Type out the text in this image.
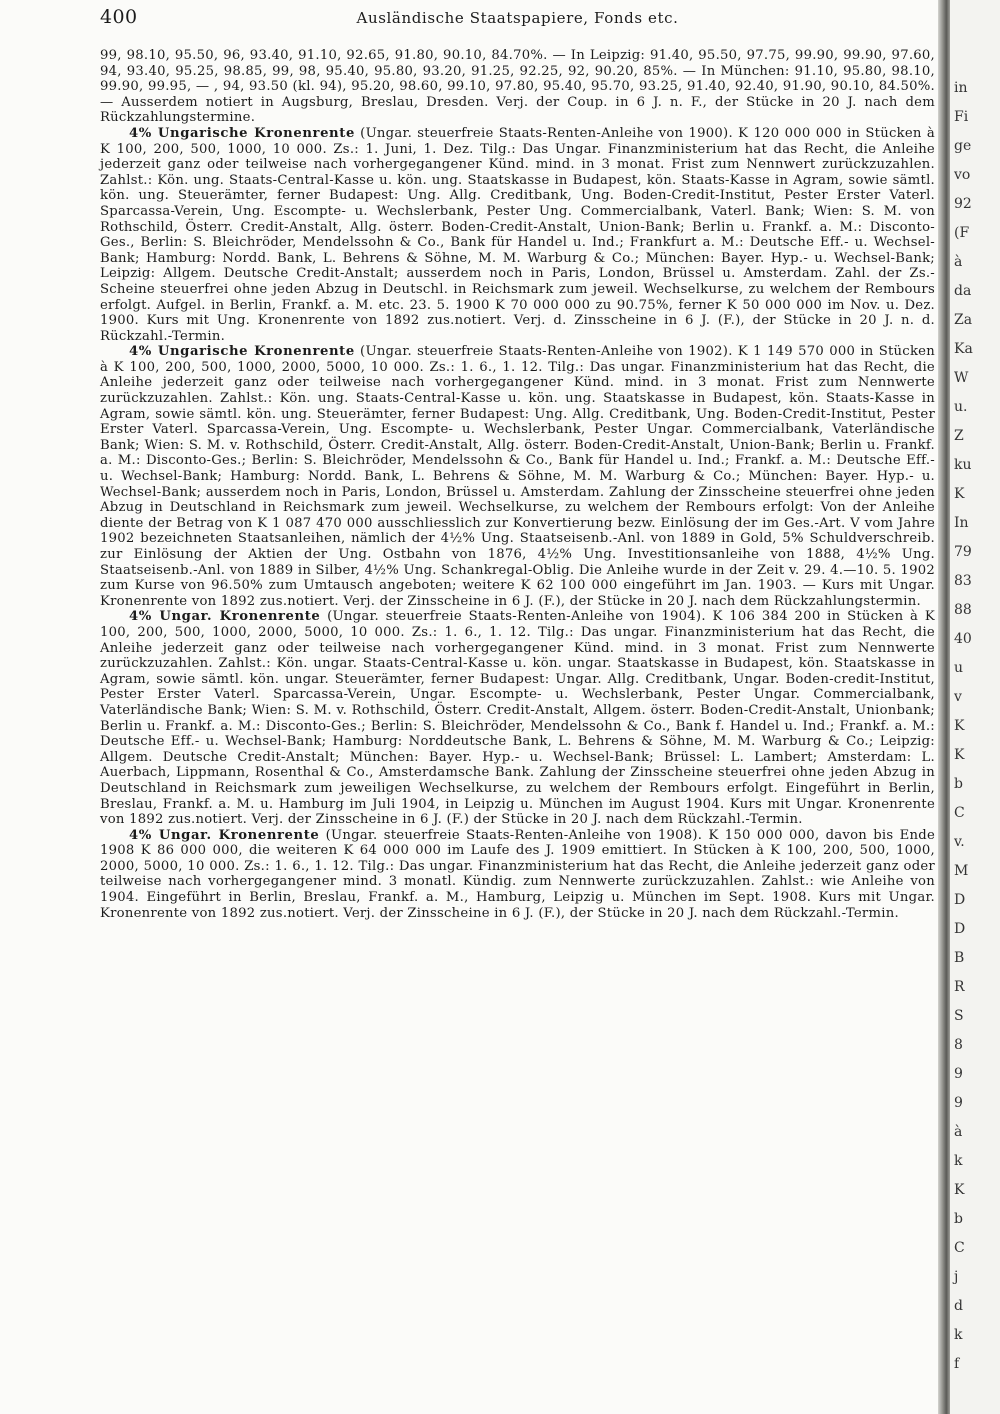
400	Ausländische Staatspapiere, Fonds etc.

99, 98.10, 95.50, 96, 93.40, 91.10, 92.65, 91.80, 90.10, 84.70%. — In Leipzig: 91.40, 95.50, 97.75, 99.90, 99.90, 97.60, 94, 93.40, 95.25, 98.85, 99, 98, 95.40, 95.80, 93.20, 91.25, 92.25, 92, 90.20, 85%. — In München: 91.10, 95.80, 98.10, 99.90, 99.95, — , 94, 93.50 (kl. 94), 95.20, 98.60, 99.10, 97.80, 95.40, 95.70, 93.25, 91.40, 92.40, 91.90, 90.10, 84.50%. — Ausserdem notiert in Augsburg, Breslau, Dresden. Verj. der Coup. in 6 J. n. F., der Stücke in 20 J. nach dem Rückzahlungstermine.

4% Ungarische Kronenrente (Ungar. steuerfreie Staats-Renten-Anleihe von 1900). K 120 000 000 in Stücken à K 100, 200, 500, 1000, 10 000. Zs.: 1. Juni, 1. Dez. Tilg.: Das Ungar. Finanzministerium hat das Recht, die Anleihe jederzeit ganz oder teilweise nach vorhergegangener Künd. mind. in 3 monat. Frist zum Nennwert zurückzuzahlen. Zahlst.: Kön. ung. Staats-Central-Kasse u. kön. ung. Staatskasse in Budapest, kön. Staats-Kasse in Agram, sowie sämtl. kön. ung. Steuerämter, ferner Budapest: Ung. Allg. Creditbank, Ung. Boden-Credit-Institut, Pester Erster Vaterl. Sparcassa-Verein, Ung. Escompte- u. Wechslerbank, Pester Ung. Commercialbank, Vaterl. Bank; Wien: S. M. von Rothschild, Österr. Credit-Anstalt, Allg. österr. Boden-Credit-Anstalt, Union-Bank; Berlin u. Frankf. a. M.: Disconto-Ges., Berlin: S. Bleichröder, Mendelssohn & Co., Bank für Handel u. Ind.; Frankfurt a. M.: Deutsche Eff.- u. Wechsel-Bank; Hamburg: Nordd. Bank, L. Behrens & Söhne, M. M. Warburg & Co.; München: Bayer. Hyp.- u. Wechsel-Bank; Leipzig: Allgem. Deutsche Credit-Anstalt; ausserdem noch in Paris, London, Brüssel u. Amsterdam. Zahl. der Zs.-Scheine steuerfrei ohne jeden Abzug in Deutschl. in Reichsmark zum jeweil. Wechselkurse, zu welchem der Rembours erfolgt. Aufgel. in Berlin, Frankf. a. M. etc. 23. 5. 1900 K 70 000 000 zu 90.75%, ferner K 50 000 000 im Nov. u. Dez. 1900. Kurs mit Ung. Kronenrente von 1892 zus.notiert. Verj. d. Zinsscheine in 6 J. (F.), der Stücke in 20 J. n. d. Rückzahl.-Termin.

4% Ungarische Kronenrente (Ungar. steuerfreie Staats-Renten-Anleihe von 1902). K 1 149 570 000 in Stücken à K 100, 200, 500, 1000, 2000, 5000, 10 000. Zs.: 1. 6., 1. 12. Tilg.: Das ungar. Finanzministerium hat das Recht, die Anleihe jederzeit ganz oder teilweise nach vorhergegangener Künd. mind. in 3 monat. Frist zum Nennwerte zurückzuzahlen. Zahlst.: Kön. ung. Staats-Central-Kasse u. kön. ung. Staatskasse in Budapest, kön. Staats-Kasse in Agram, sowie sämtl. kön. ung. Steuerämter, ferner Budapest: Ung. Allg. Creditbank, Ung. Boden-Credit-Institut, Pester Erster Vaterl. Sparcassa-Verein, Ung. Escompte- u. Wechslerbank, Pester Ungar. Commercialbank, Vaterländische Bank; Wien: S. M. v. Rothschild, Österr. Credit-Anstalt, Allg. österr. Boden-Credit-Anstalt, Union-Bank; Berlin u. Frankf. a. M.: Disconto-Ges.; Berlin: S. Bleichröder, Mendelssohn & Co., Bank für Handel u. Ind.; Frankf. a. M.: Deutsche Eff.- u. Wechsel-Bank; Hamburg: Nordd. Bank, L. Behrens & Söhne, M. M. Warburg & Co.; München: Bayer. Hyp.- u. Wechsel-Bank; ausserdem noch in Paris, London, Brüssel u. Amsterdam. Zahlung der Zinsscheine steuerfrei ohne jeden Abzug in Deutschland in Reichsmark zum jeweil. Wechselkurse, zu welchem der Rembours erfolgt: Von der Anleihe diente der Betrag von K 1 087 470 000 ausschliesslich zur Konvertierung bezw. Einlösung der im Ges.-Art. V vom Jahre 1902 bezeichneten Staatsanleihen, nämlich der 4½% Ung. Staatseisenb.-Anl. von 1889 in Gold, 5% Schuldverschreib. zur Einlösung der Aktien der Ung. Ostbahn von 1876, 4½% Ung. Investitionsanleihe von 1888, 4½% Ung. Staatseisenb.-Anl. von 1889 in Silber, 4½% Ung. Schankregal-Oblig. Die Anleihe wurde in der Zeit v. 29. 4.—10. 5. 1902 zum Kurse von 96.50% zum Umtausch angeboten; weitere K 62 100 000 eingeführt im Jan. 1903. — Kurs mit Ungar. Kronenrente von 1892 zus.notiert. Verj. der Zinsscheine in 6 J. (F.), der Stücke in 20 J. nach dem Rückzahlungstermin.

4% Ungar. Kronenrente (Ungar. steuerfreie Staats-Renten-Anleihe von 1904). K 106 384 200 in Stücken à K 100, 200, 500, 1000, 2000, 5000, 10 000. Zs.: 1. 6., 1. 12. Tilg.: Das ungar. Finanzministerium hat das Recht, die Anleihe jederzeit ganz oder teilweise nach vorhergegangener Künd. mind. in 3 monat. Frist zum Nennwerte zurückzuzahlen. Zahlst.: Kön. ungar. Staats-Central-Kasse u. kön. ungar. Staatskasse in Budapest, kön. Staatskasse in Agram, sowie sämtl. kön. ungar. Steuerämter, ferner Budapest: Ungar. Allg. Creditbank, Ungar. Boden-credit-Institut, Pester Erster Vaterl. Sparcassa-Verein, Ungar. Escompte- u. Wechslerbank, Pester Ungar. Commercialbank, Vaterländische Bank; Wien: S. M. v. Rothschild, Österr. Credit-Anstalt, Allgem. österr. Boden-Credit-Anstalt, Unionbank; Berlin u. Frankf. a. M.: Disconto-Ges.; Berlin: S. Bleichröder, Mendelssohn & Co., Bank f. Handel u. Ind.; Frankf. a. M.: Deutsche Eff.- u. Wechsel-Bank; Hamburg: Norddeutsche Bank, L. Behrens & Söhne, M. M. Warburg & Co.; Leipzig: Allgem. Deutsche Credit-Anstalt; München: Bayer. Hyp.- u. Wechsel-Bank; Brüssel: L. Lambert; Amsterdam: L. Auerbach, Lippmann, Rosenthal & Co., Amsterdamsche Bank. Zahlung der Zinsscheine steuerfrei ohne jeden Abzug in Deutschland in Reichsmark zum jeweiligen Wechselkurse, zu welchem der Rembours erfolgt. Eingeführt in Berlin, Breslau, Frankf. a. M. u. Hamburg im Juli 1904, in Leipzig u. München im August 1904. Kurs mit Ungar. Kronenrente von 1892 zus.notiert. Verj. der Zinsscheine in 6 J. (F.) der Stücke in 20 J. nach dem Rückzahl.-Termin.

4% Ungar. Kronenrente (Ungar. steuerfreie Staats-Renten-Anleihe von 1908). K 150 000 000, davon bis Ende 1908 K 86 000 000, die weiteren K 64 000 000 im Laufe des J. 1909 emittiert. In Stücken à K 100, 200, 500, 1000, 2000, 5000, 10 000. Zs.: 1. 6., 1. 12. Tilg.: Das ungar. Finanzministerium hat das Recht, die Anleihe jederzeit ganz oder teilweise nach vorhergegangener mind. 3 monatl. Kündig. zum Nennwerte zurückzuzahlen. Zahlst.: wie Anleihe von 1904. Eingeführt in Berlin, Breslau, Frankf. a. M., Hamburg, Leipzig u. München im Sept. 1908. Kurs mit Ungar. Kronenrente von 1892 zus.notiert. Verj. der Zinsscheine in 6 J. (F.), der Stücke in 20 J. nach dem Rückzahl.-Termin.

in
Fi
ge
vo
92
(F
à
da
Za
Ka
W
u.
Z
ku
K
In
79
83
88
40
u
v
K
K
b
C
v.
M
D
D
B
R
S
8
9
9
à
k
K
b
C
j
d
k
f
